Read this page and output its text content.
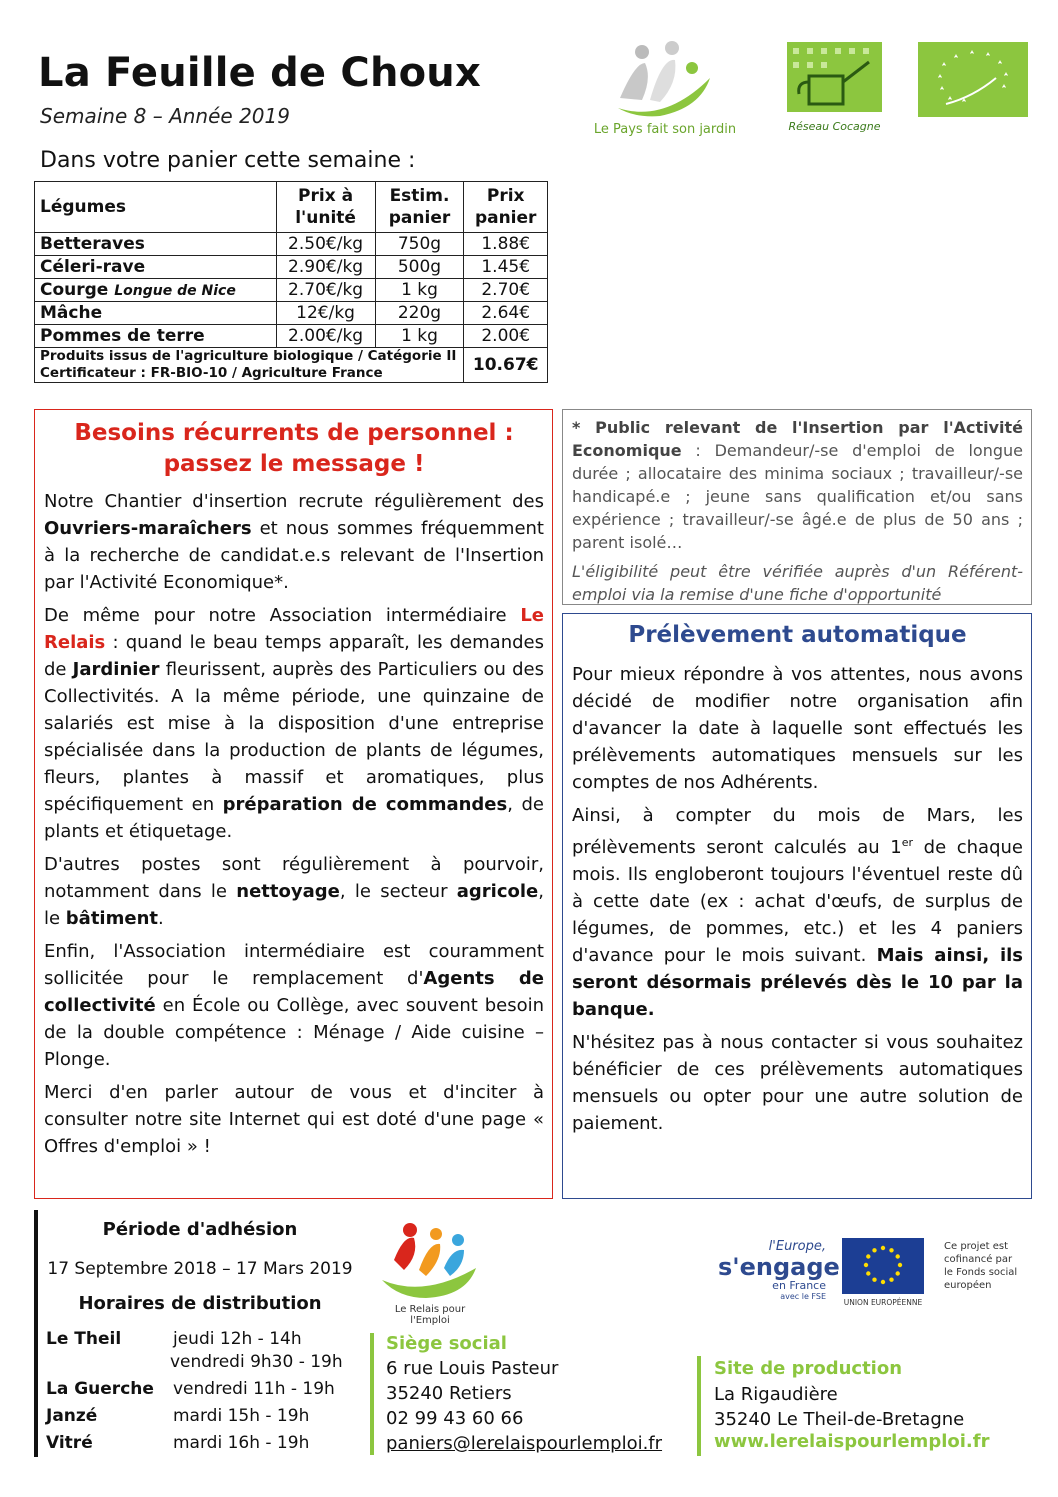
La Feuille de Choux
Semaine 8 – Année 2019
Dans votre panier cette semaine :
Le Pays fait son jardin	Réseau Cocagne
Légumes	Prix à l'unité	Estim. panier	Prix panier
Betteraves	2.50€/kg	750g	1.88€
Céleri-rave	2.90€/kg	500g	1.45€
Courge Longue de Nice	2.70€/kg	1 kg	2.70€
Mâche	12€/kg	220g	2.64€
Pommes de terre	2.00€/kg	1 kg	2.00€

Produits issus de l'agriculture biologique / Catégorie II
Certificateur : FR-BIO-10 / Agriculture France			10.67€
Besoins récurrents de personnel :
passez le message !

Notre Chantier d'insertion recrute régulièrement des Ouvriers-maraîchers et nous sommes fréquemment à la recherche de candidat.e.s relevant de l'Insertion par l'Activité Economique*.

De même pour notre Association intermédiaire Le Relais : quand le beau temps apparaît, les demandes de Jardinier fleurissent, auprès des Particuliers ou des Collectivités. A la même période, une quinzaine de salariés est mise à la disposition d'une entreprise spécialisée dans la production de plants de légumes, fleurs, plantes à massif et aromatiques, plus spécifiquement en préparation de commandes, de plants et étiquetage.

D'autres postes sont régulièrement à pourvoir, notamment dans le nettoyage, le secteur agricole, le bâtiment.

Enfin, l'Association intermédiaire est couramment sollicitée pour le remplacement d'Agents de collectivité en École ou Collège, avec souvent besoin de la double compétence : Ménage / Aide cuisine – Plonge.

Merci d'en parler autour de vous et d'inciter à consulter notre site Internet qui est doté d'une page « Offres d'emploi » !

* Public relevant de l'Insertion par l'Activité Economique : Demandeur/-se d'emploi de longue durée ; allocataire des minima sociaux ; travailleur/-se handicapé.e ; jeune sans qualification et/ou sans expérience ; travailleur/-se âgé.e de plus de 50 ans ; parent isolé…
L'éligibilité peut être vérifiée auprès d'un Référent-emploi via la remise d'une fiche d'opportunité
Prélèvement automatique

Pour mieux répondre à vos attentes, nous avons décidé de modifier notre organisation afin d'avancer la date à laquelle sont effectués les prélèvements automatiques mensuels sur les comptes de nos Adhérents.

Ainsi, à compter du mois de Mars, les prélèvements seront calculés au 1er de chaque mois. Ils engloberont toujours l'éventuel reste dû à cette date (ex : achat d'œufs, de surplus de légumes, de pommes, etc.) et les 4 paniers d'avance pour le mois suivant. Mais ainsi, ils seront désormais prélevés dès le 10 par la banque.

N'hésitez pas à nous contacter si vous souhaitez bénéficier de ces prélèvements automatiques mensuels ou opter pour une autre solution de paiement.

Période d'adhésion
17 Septembre 2018 – 17 Mars 2019
Horaires de distribution
Le Theil	jeudi 12h - 14h
vendredi 9h30 - 19h
La Guerche vendredi 11h - 19h
Janzé	mardi 15h - 19h
Vitré	mardi 16h - 19h
Le Relais pour l'Emploi
l'Europe,
s'engage
en France
avec le FSE
UNION EUROPÉENNE
Ce projet est cofinancé par le Fonds social européen
Siège social
6 rue Louis Pasteur
35240 Retiers
02 99 43 60 66
paniers@lerelaispourlemploi.fr
Site de production
La Rigaudière
35240 Le Theil-de-Bretagne
www.lerelaispourlemploi.fr
